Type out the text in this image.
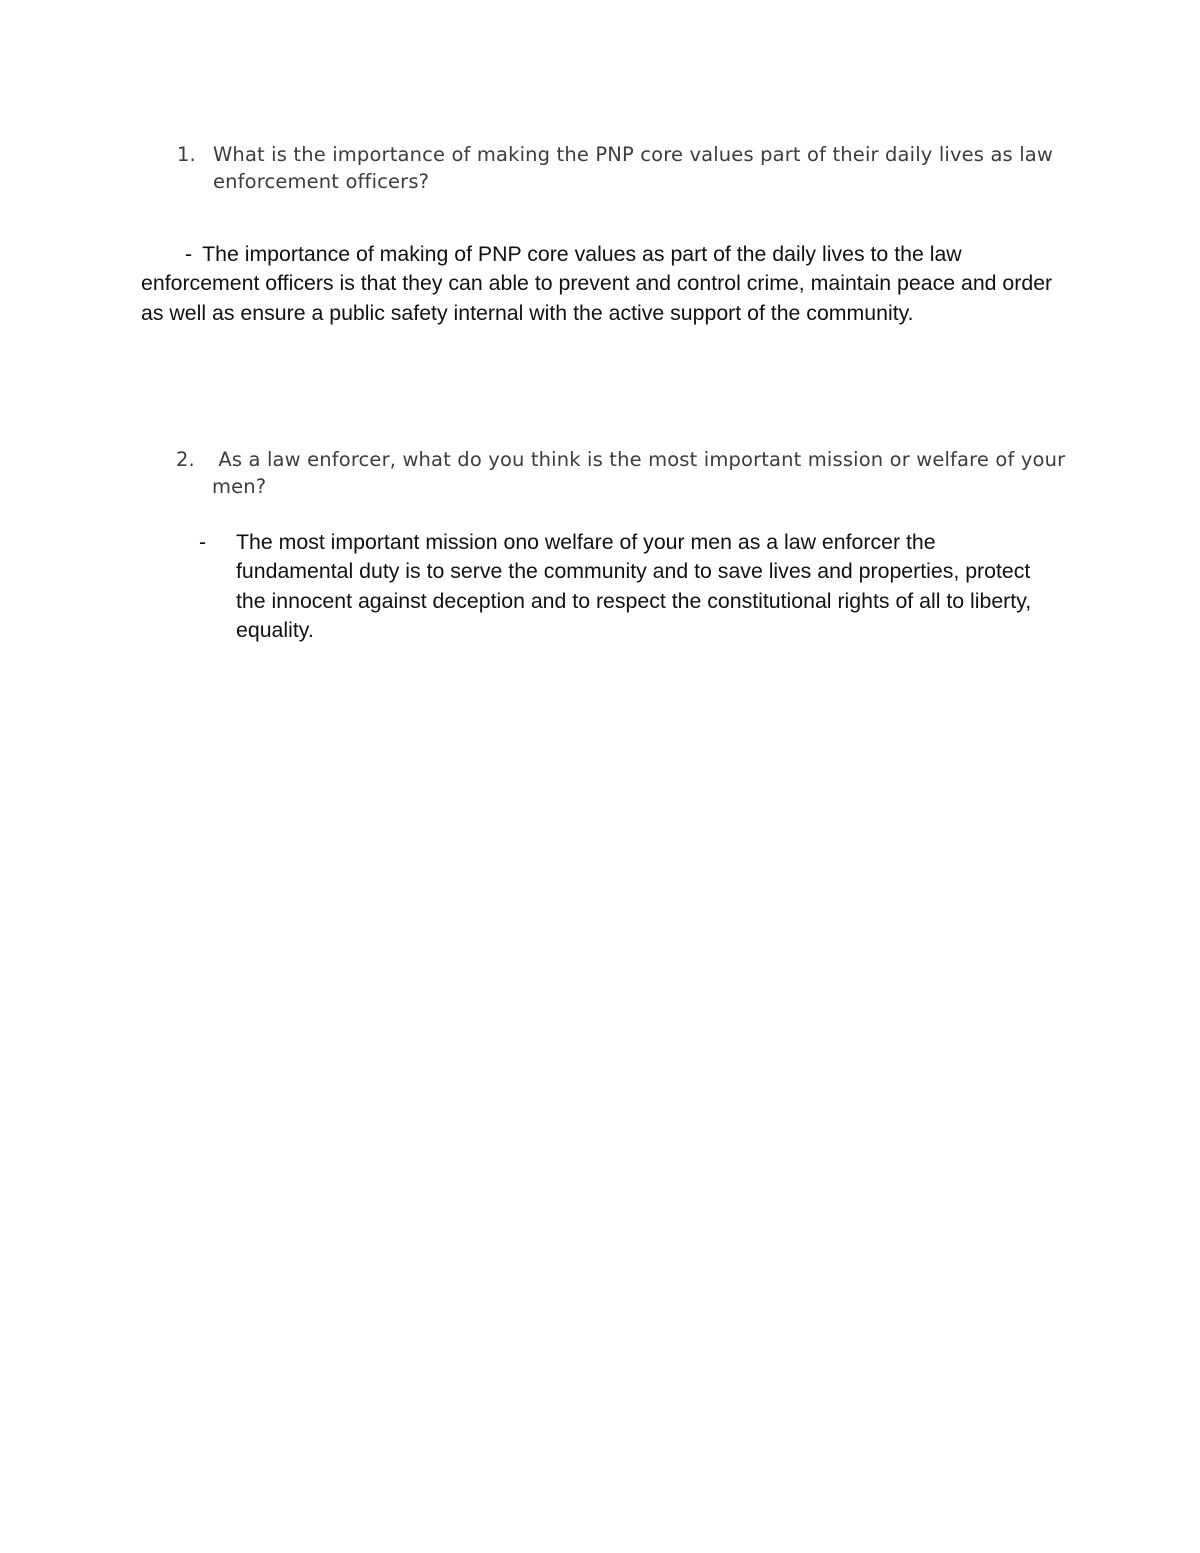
1. What is the importance of making the PNP core values part of their daily lives as law enforcement officers?
- The importance of making of PNP core values as part of the daily lives to the law enforcement officers is that they can able to prevent and control crime, maintain peace and order as well as ensure a public safety internal with the active support of the community.
2. As a law enforcer, what do you think is the most important mission or welfare of your men?
- The most important mission ono welfare of your men as a law enforcer the fundamental duty is to serve the community and to save lives and properties, protect the innocent against deception and to respect the constitutional rights of all to liberty, equality.
